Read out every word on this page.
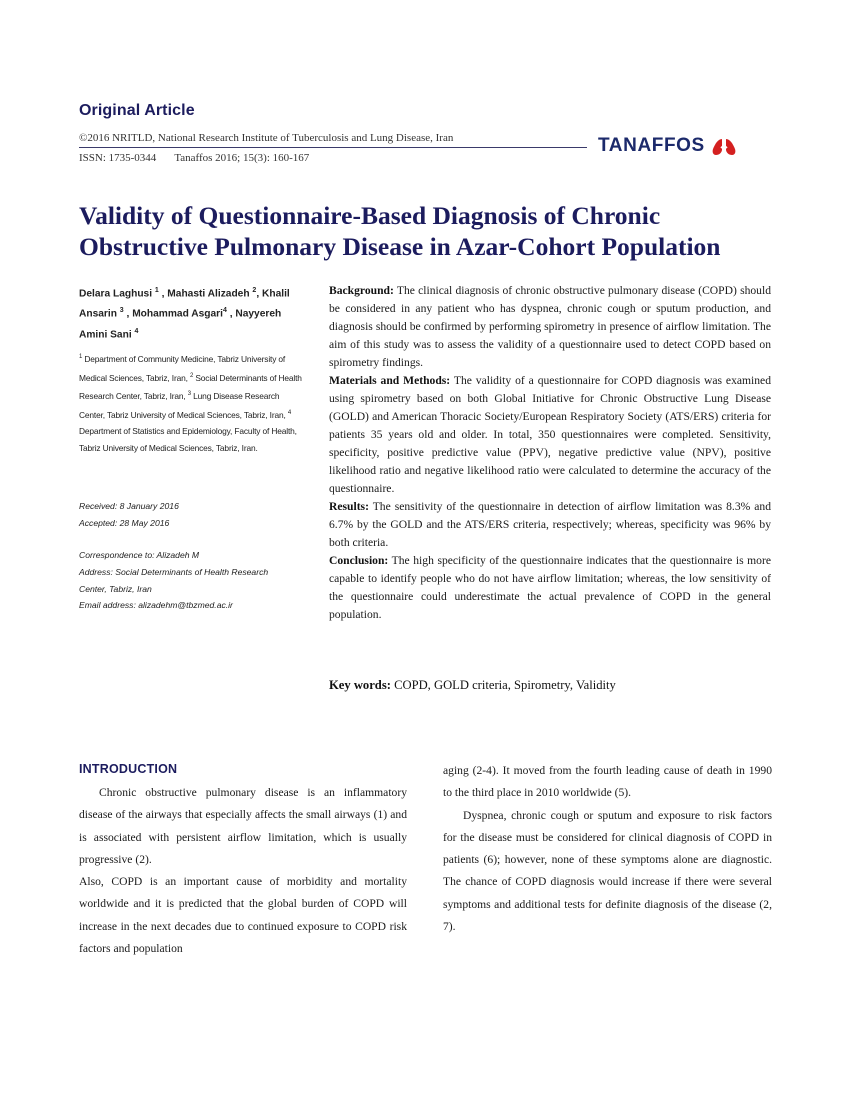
Original Article
©2016 NRITLD, National Research Institute of Tuberculosis and Lung Disease, Iran
ISSN: 1735-0344 Tanaffos 2016; 15(3): 160-167
TANAFFOS
Validity of Questionnaire-Based Diagnosis of Chronic
Obstructive Pulmonary Disease in Azar-Cohort Population
Delara Laghusi $^1$ , Mahasti Alizadeh $^2$, Khalil Ansarin $^3$ , Mohammad Asgari$^4$ , Nayyereh Amini Sani $^4$
$^1$ Department of Community Medicine, Tabriz University of Medical Sciences, Tabriz, Iran, $^2$ Social Determinants of Health Research Center, Tabriz, Iran, $^3$ Lung Disease Research Center, Tabriz University of Medical Sciences, Tabriz, Iran, $^4$ Department of Statistics and Epidemiology, Faculty of Health, Tabriz University of Medical Sciences, Tabriz, Iran.
Received: 8 January 2016
Accepted: 28 May 2016
Correspondence to: Alizadeh M
Address: Social Determinants of Health Research
Center, Tabriz, Iran
Email address: alizadehm@tbzmed.ac.ir

Background: The clinical diagnosis of chronic obstructive pulmonary disease (COPD) should be considered in any patient who has dyspnea, chronic cough or sputum production, and diagnosis should be confirmed by performing spirometry in presence of airflow limitation. The aim of this study was to assess the validity of a questionnaire used to detect COPD based on spirometry findings.

Materials and Methods: The validity of a questionnaire for COPD diagnosis was examined using spirometry based on both Global Initiative for Chronic Obstructive Lung Disease (GOLD) and American Thoracic Society/European Respiratory Society (ATS/ERS) criteria for patients 35 years old and older. In total, 350 questionnaires were completed. Sensitivity, specificity, positive predictive value (PPV), negative predictive value (NPV), positive likelihood ratio and negative likelihood ratio were calculated to determine the accuracy of the questionnaire.

Results: The sensitivity of the questionnaire in detection of airflow limitation was 8.3% and 6.7% by the GOLD and the ATS/ERS criteria, respectively; whereas, specificity was 96% by both criteria.

Conclusion: The high specificity of the questionnaire indicates that the questionnaire is more capable to identify people who do not have airflow limitation; whereas, the low sensitivity of the questionnaire could underestimate the actual prevalence of COPD in the general population.

Key words: COPD, GOLD criteria, Spirometry, Validity
INTRODUCTION

Chronic obstructive pulmonary disease is an inflammatory disease of the airways that especially affects the small airways (1) and is associated with persistent airflow limitation, which is usually progressive (2).

Also, COPD is an important cause of morbidity and mortality worldwide and it is predicted that the global burden of COPD will increase in the next decades due to continued exposure to COPD risk factors and population

aging (2-4). It moved from the fourth leading cause of death in 1990 to the third place in 2010 worldwide (5).

Dyspnea, chronic cough or sputum and exposure to risk factors for the disease must be considered for clinical diagnosis of COPD in patients (6); however, none of these symptoms alone are diagnostic. The chance of COPD diagnosis would increase if there were several symptoms and additional tests for definite diagnosis of the disease (2, 7).
